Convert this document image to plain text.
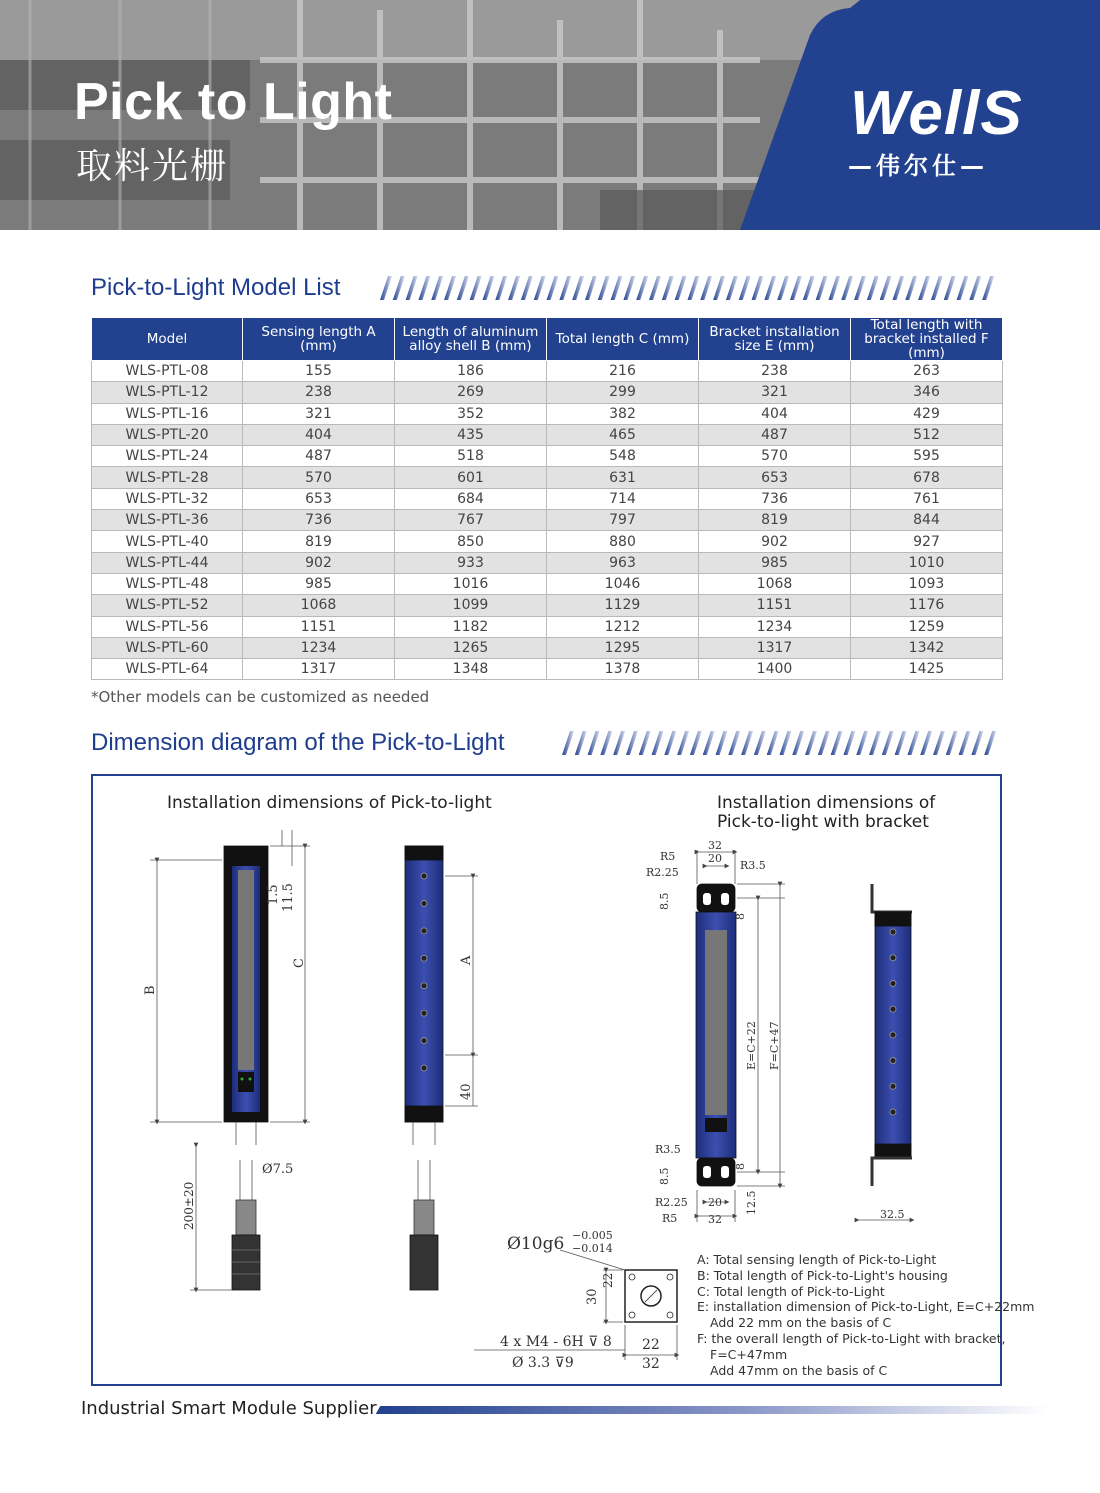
Pick to Light
取料光栅
WellS
—伟尔仕—
Pick-to-Light Model List
Model	Sensing length A (mm)	Length of aluminum alloy shell B (mm)	Total length C (mm)	Bracket installation size E (mm)	Total length with bracket installed F (mm)
WLS-PTL-08	155	186	216	238	263
WLS-PTL-12	238	269	299	321	346
WLS-PTL-16	321	352	382	404	429
WLS-PTL-20	404	435	465	487	512
WLS-PTL-24	487	518	548	570	595
WLS-PTL-28	570	601	631	653	678
WLS-PTL-32	653	684	714	736	761
WLS-PTL-36	736	767	797	819	844
WLS-PTL-40	819	850	880	902	927
WLS-PTL-44	902	933	963	985	1010
WLS-PTL-48	985	1016	1046	1068	1093
WLS-PTL-52	1068	1099	1129	1151	1176
WLS-PTL-56	1151	1182	1212	1234	1259
WLS-PTL-60	1234	1265	1295	1317	1342
WLS-PTL-64	1317	1348	1378	1400	1425
*Other models can be customized as needed
Dimension diagram of the Pick-to-Light
Installation dimensions of Pick-to-light	Installation dimensions of
Pick-to-light with bracket
1.5 11.5
B
C	A
40
Ø7.5
200±20
32
20
R5
R3.5
R2.25
8.5
8
E=C+22 F=C+47
R3.5
8.5
8
R2.25 20
R5	32
12.5	32.5
Ø10g6 −0.005
−0.014
30
22
22
32
4 x M4 - 6H ⊽ 8
Ø 3.3 ⊽9
A: Total sensing length of Pick-to-Light
B: Total length of Pick-to-Light's housing
C: Total length of Pick-to-Light
E: installation dimension of Pick-to-Light, E=C+22mm
Add 22 mm on the basis of C
F: the overall length of Pick-to-Light with bracket,
F=C+47mm
Add 47mm on the basis of C
Industrial Smart Module Supplier
